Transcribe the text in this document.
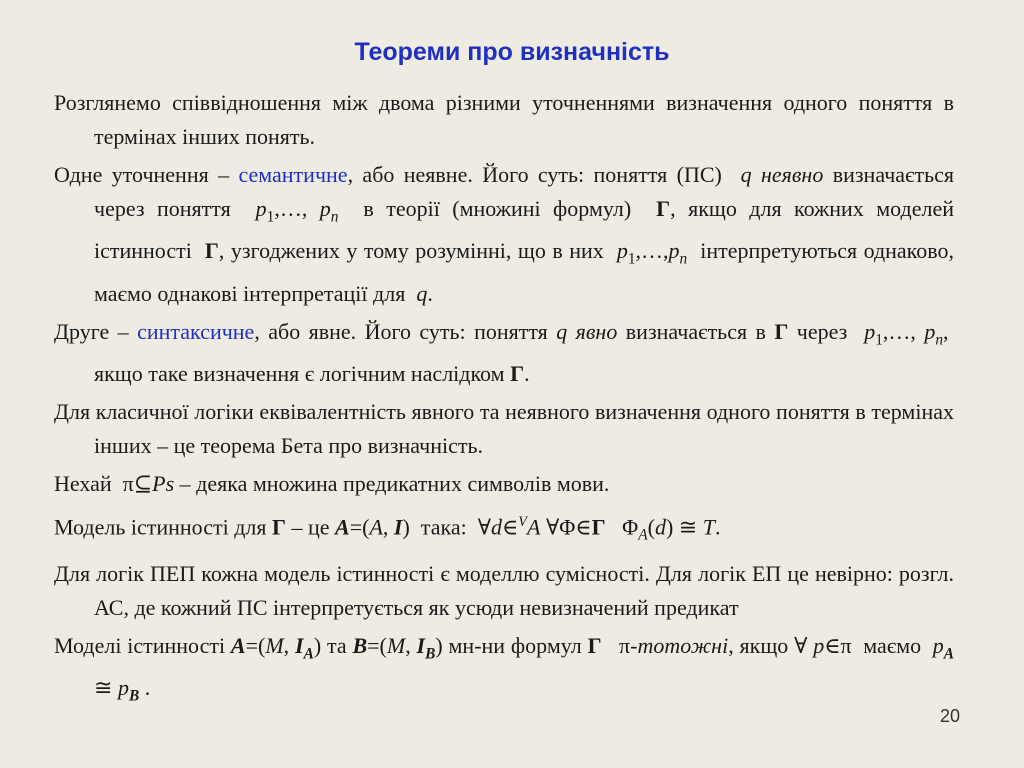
Теореми про визначність

Розглянемо співвідношення між двома різними уточненнями визначення одного поняття в термінах інших понять.

Одне уточнення – семантичне, або неявне. Його суть: поняття (ПС)  q неявно визначається через поняття  $p_1,\dots$, $p_n$  в теорії (множині формул)  Γ, якщо для кожних моделей істинності  Γ, узгоджених у тому розумінні, що в них  $p_1,\dots,p_n$  інтерпретуються однаково, маємо однакові інтерпретації для  q.

Друге – синтаксичне, або явне. Його суть: поняття q явно визначається в Γ через  $p_1,\dots$, $p_n$,  якщо таке визначення є логічним наслідком Γ.

Для класичної логіки еквівалентність явного та неявного визначення одного поняття в термінах інших – це теорема Бета про визначність.

Нехай  π⊆Ps – деяка множина предикатних символів мови.

Модель істинності для Γ – це A=(A, I)  така:  ∀d∈$^V$A ∀Φ∈Γ   $\Phi_A(d)$ ≅ T.

Для логік ПЕП кожна модель істинності є моделлю сумісності. Для логік ЕП це невірно: розгл. АС, де кожний ПС інтерпретується як усюди невизначений предикат

Моделі істинності A=(M, $I_A$) та B=(M, $I_B$) мн-ни формул Γ   π-тотожні, якщо ∀ p∈π  маємо  $p_A$ ≅ $p_B$ .

20
